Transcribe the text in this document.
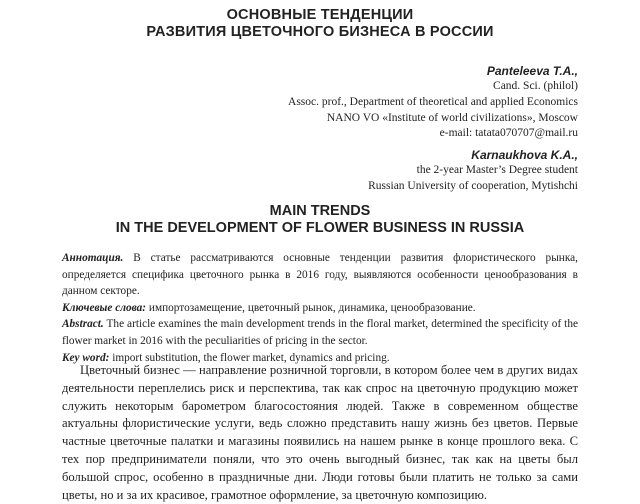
ОСНОВНЫЕ ТЕНДЕНЦИИ
РАЗВИТИЯ ЦВЕТОЧНОГО БИЗНЕСА В РОССИИ
Panteleeva T.A.,
Cand. Sci. (philol)
Assoc. prof., Department of theoretical and applied Economics
NANO VO «Institute of world civilizations», Moscow
e-mail: tatata070707@mail.ru
Karnaukhova K.A.,
the 2-year Master’s Degree student
Russian University of cooperation, Mytishchi
MAIN TRENDS
IN THE DEVELOPMENT OF FLOWER BUSINESS IN RUSSIA

Аннотация. В статье рассматриваются основные тенденции развития флористического рынка, определяется специфика цветочного рынка в 2016 году, выявляются особенности ценообразования в данном секторе.

Ключевые слова: импортозамещение, цветочный рынок, динамика, ценообразование.

Abstract. The article examines the main development trends in the floral market, determined the specificity of the flower market in 2016 with the peculiarities of pricing in the sector.

Key word: import substitution, the flower market, dynamics and pricing.

Цветочный бизнес — направление розничной торговли, в котором более чем в других видах деятельности переплелись риск и перспектива, так как спрос на цветочную продукцию может служить некоторым барометром благосостояния людей. Также в современном обществе актуальны флористические услуги, ведь сложно представить нашу жизнь без цветов. Первые частные цветочные палатки и магазины появились на нашем рынке в конце прошлого века. С тех пор предприниматели поняли, что это очень выгодный бизнес, так как на цветы был большой спрос, особенно в праздничные дни. Люди готовы были платить не только за сами цветы, но и за их красивое, грамотное оформление, за цветочную композицию.
